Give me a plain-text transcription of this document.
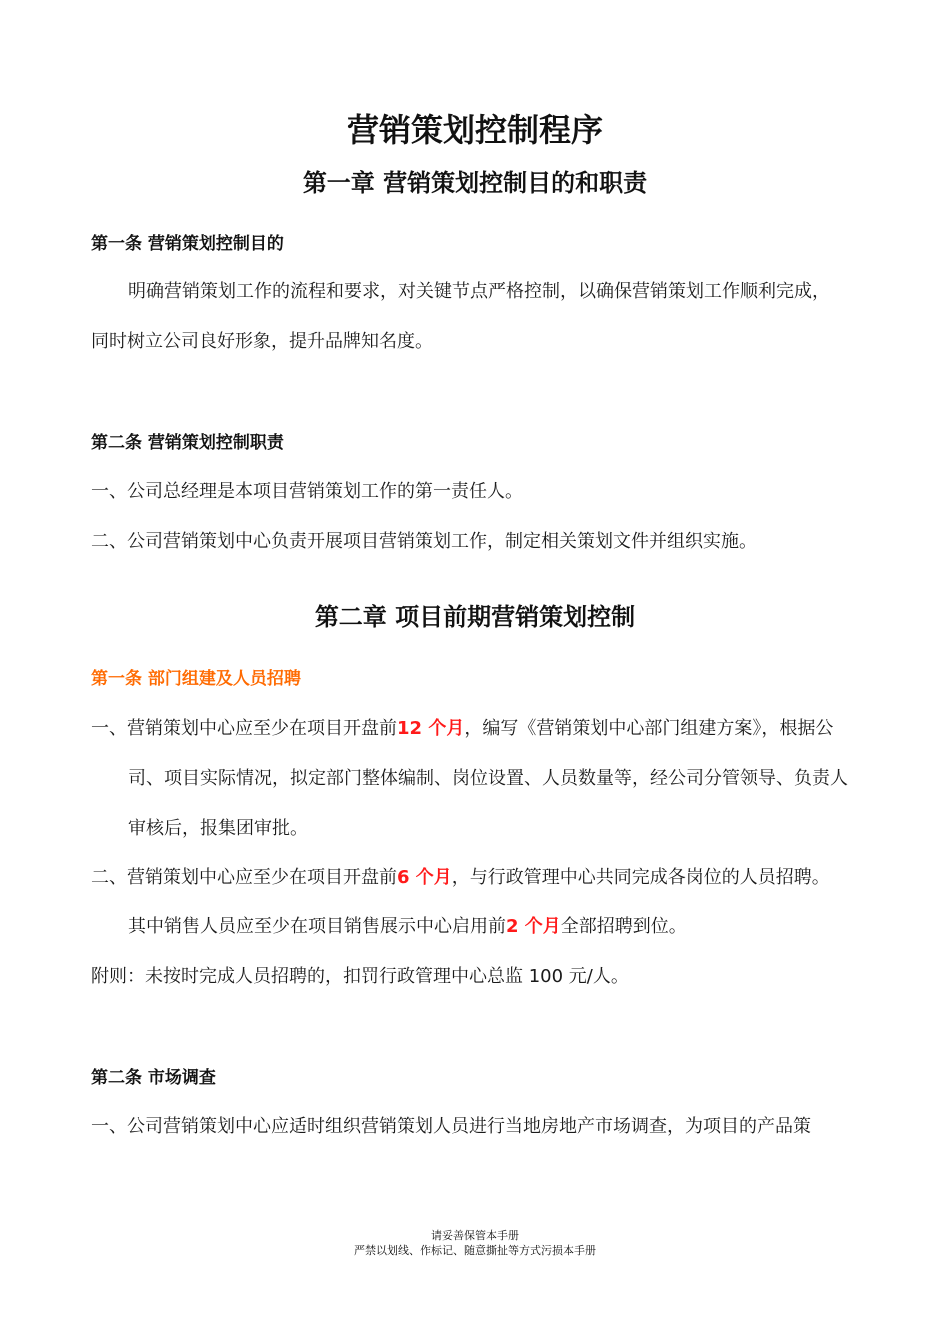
营销策划控制程序
第一章 营销策划控制目的和职责
第一条 营销策划控制目的
明确营销策划工作的流程和要求，对关键节点严格控制，以确保营销策划工作顺利完成，
同时树立公司良好形象，提升品牌知名度。
第二条 营销策划控制职责
一、公司总经理是本项目营销策划工作的第一责任人。
二、公司营销策划中心负责开展项目营销策划工作，制定相关策划文件并组织实施。
第二章 项目前期营销策划控制
第一条 部门组建及人员招聘
一、营销策划中心应至少在项目开盘前12 个月，编写《营销策划中心部门组建方案》，根据公
司、项目实际情况，拟定部门整体编制、岗位设置、人员数量等，经公司分管领导、负责人
审核后，报集团审批。
二、营销策划中心应至少在项目开盘前6 个月，与行政管理中心共同完成各岗位的人员招聘。
其中销售人员应至少在项目销售展示中心启用前2 个月全部招聘到位。
附则：未按时完成人员招聘的，扣罚行政管理中心总监 100 元/人。
第二条 市场调查
一、公司营销策划中心应适时组织营销策划人员进行当地房地产市场调查，为项目的产品策
请妥善保管本手册
严禁以划线、作标记、随意撕扯等方式污损本手册
